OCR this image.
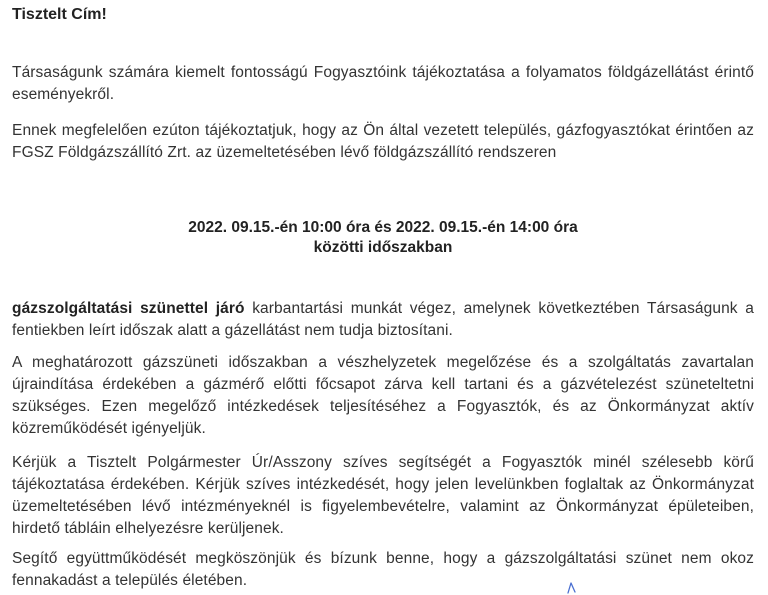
Tisztelt Cím!
Társaságunk számára kiemelt fontosságú Fogyasztóink tájékoztatása a folyamatos földgázellátást érintő eseményekről.
Ennek megfelelően ezúton tájékoztatjuk, hogy az Ön által vezetett település, gázfogyasztókat érintően az FGSZ Földgázszállító Zrt. az üzemeltetésében lévő földgázszállító rendszeren
2022. 09.15.-én 10:00 óra és 2022. 09.15.-én 14:00 óra
közötti időszakban
gázszolgáltatási szünettel járó karbantartási munkát végez, amelynek következtében Társaságunk a fentiekben leírt időszak alatt a gázellátást nem tudja biztosítani.
A meghatározott gázszüneti időszakban a vészhelyzetek megelőzése és a szolgáltatás zavartalan újraindítása érdekében a gázmérő előtti főcsapot zárva kell tartani és a gázvételezést szüneteltetni szükséges. Ezen megelőző intézkedések teljesítéséhez a Fogyasztók, és az Önkormányzat aktív közreműködését igényeljük.
Kérjük a Tisztelt Polgármester Úr/Asszony szíves segítségét a Fogyasztók minél szélesebb körű tájékoztatása érdekében. Kérjük szíves intézkedését, hogy jelen levelünkben foglaltak az Önkormányzat üzemeltetésében lévő intézményeknél is figyelembevételre, valamint az Önkormányzat épületeiben, hirdető tábláin elhelyezésre kerüljenek.
Segítő együttműködését megköszönjük és bízunk benne, hogy a gázszolgáltatási szünet nem okoz fennakadást a település életében.
